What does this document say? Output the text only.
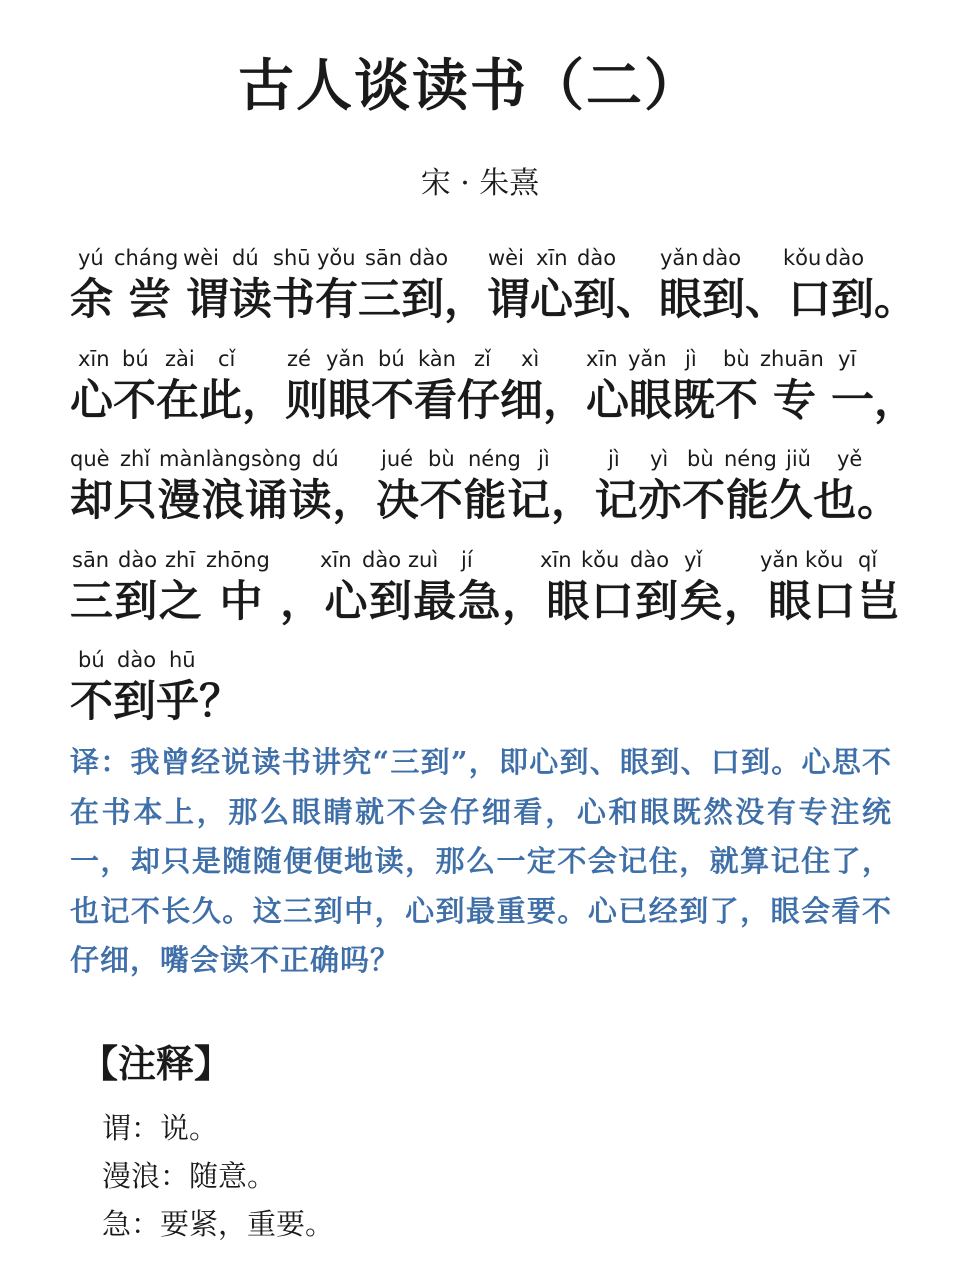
古人谈读书（二）
宋 · 朱熹
yú cháng wèi dú shū yǒu sān dào wèi xīn dào yǎn dào kǒu dào
余 尝 谓读书有三到，谓心到、眼到、口到。
xīn bú zài cǐ zé yǎn bú kàn zǐ xì xīn yǎn jì bù zhuān yī
心不在此，则眼不看仔细，心眼既不 专 一，
què zhǐ mànlàngsòng dú jué bù néng jì	jì yì bù néng jiǔ yě
却只漫浪诵读，决不能记，记亦不能久也。
sān dào zhī zhōng xīn dào zuì jí	xīn kǒu dào yǐ	yǎn kǒu qǐ
三到之 中 ，心到最急，眼口到矣，眼口岂
bú dào hū
不到乎？
译：我曾经说读书讲究“三到”，即心到、眼到、口到。心思不在书本上，那么眼睛就不会仔细看，心和眼既然没有专注统一，却只是随随便便地读，那么一定不会记住，就算记住了，也记不长久。这三到中，心到最重要。心已经到了，眼会看不仔细，嘴会读不正确吗？
【注释】
谓：说。
漫浪：随意。
急：要紧，重要。
